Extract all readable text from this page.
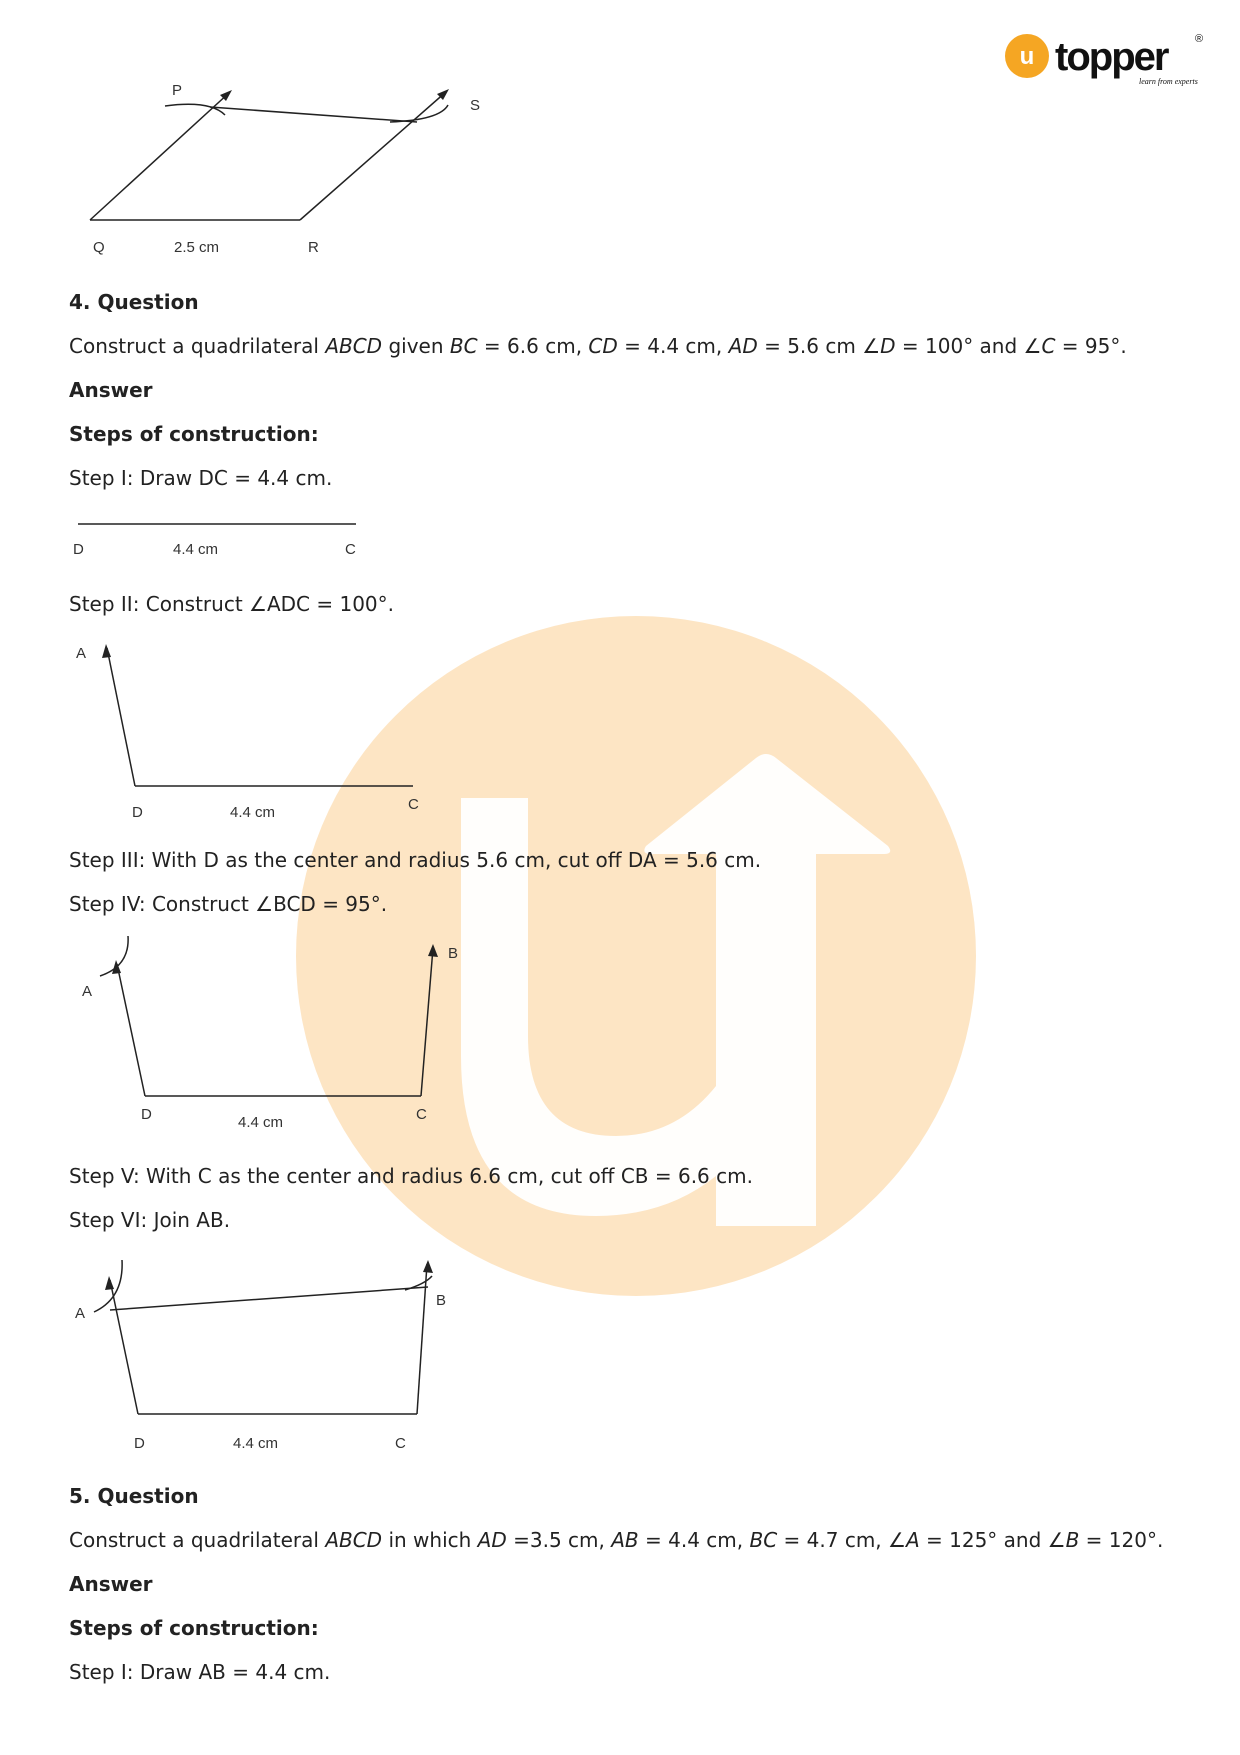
u topper	®
learn from experts
P
S
Q	2.5 cm	R
4. Question
Construct a quadrilateral ABCD given BC = 6.6 cm, CD = 4.4 cm, AD = 5.6 cm ∠D = 100° and ∠C = 95°.
Answer
Steps of construction:
Step I: Draw DC = 4.4 cm.
D	4.4 cm	C
Step II: Construct ∠ADC = 100°.
A
D	4.4 cm	C
Step III: With D as the center and radius 5.6 cm, cut off DA = 5.6 cm.
Step IV: Construct ∠BCD = 95°.
A
B
D	4.4 cm	C
Step V: With C as the center and radius 6.6 cm, cut off CB = 6.6 cm.
Step VI: Join AB.
A
B
D	4.4 cm	C
5. Question
Construct a quadrilateral ABCD in which AD =3.5 cm, AB = 4.4 cm, BC = 4.7 cm, ∠A = 125° and ∠B = 120°.
Answer
Steps of construction:
Step I: Draw AB = 4.4 cm.
